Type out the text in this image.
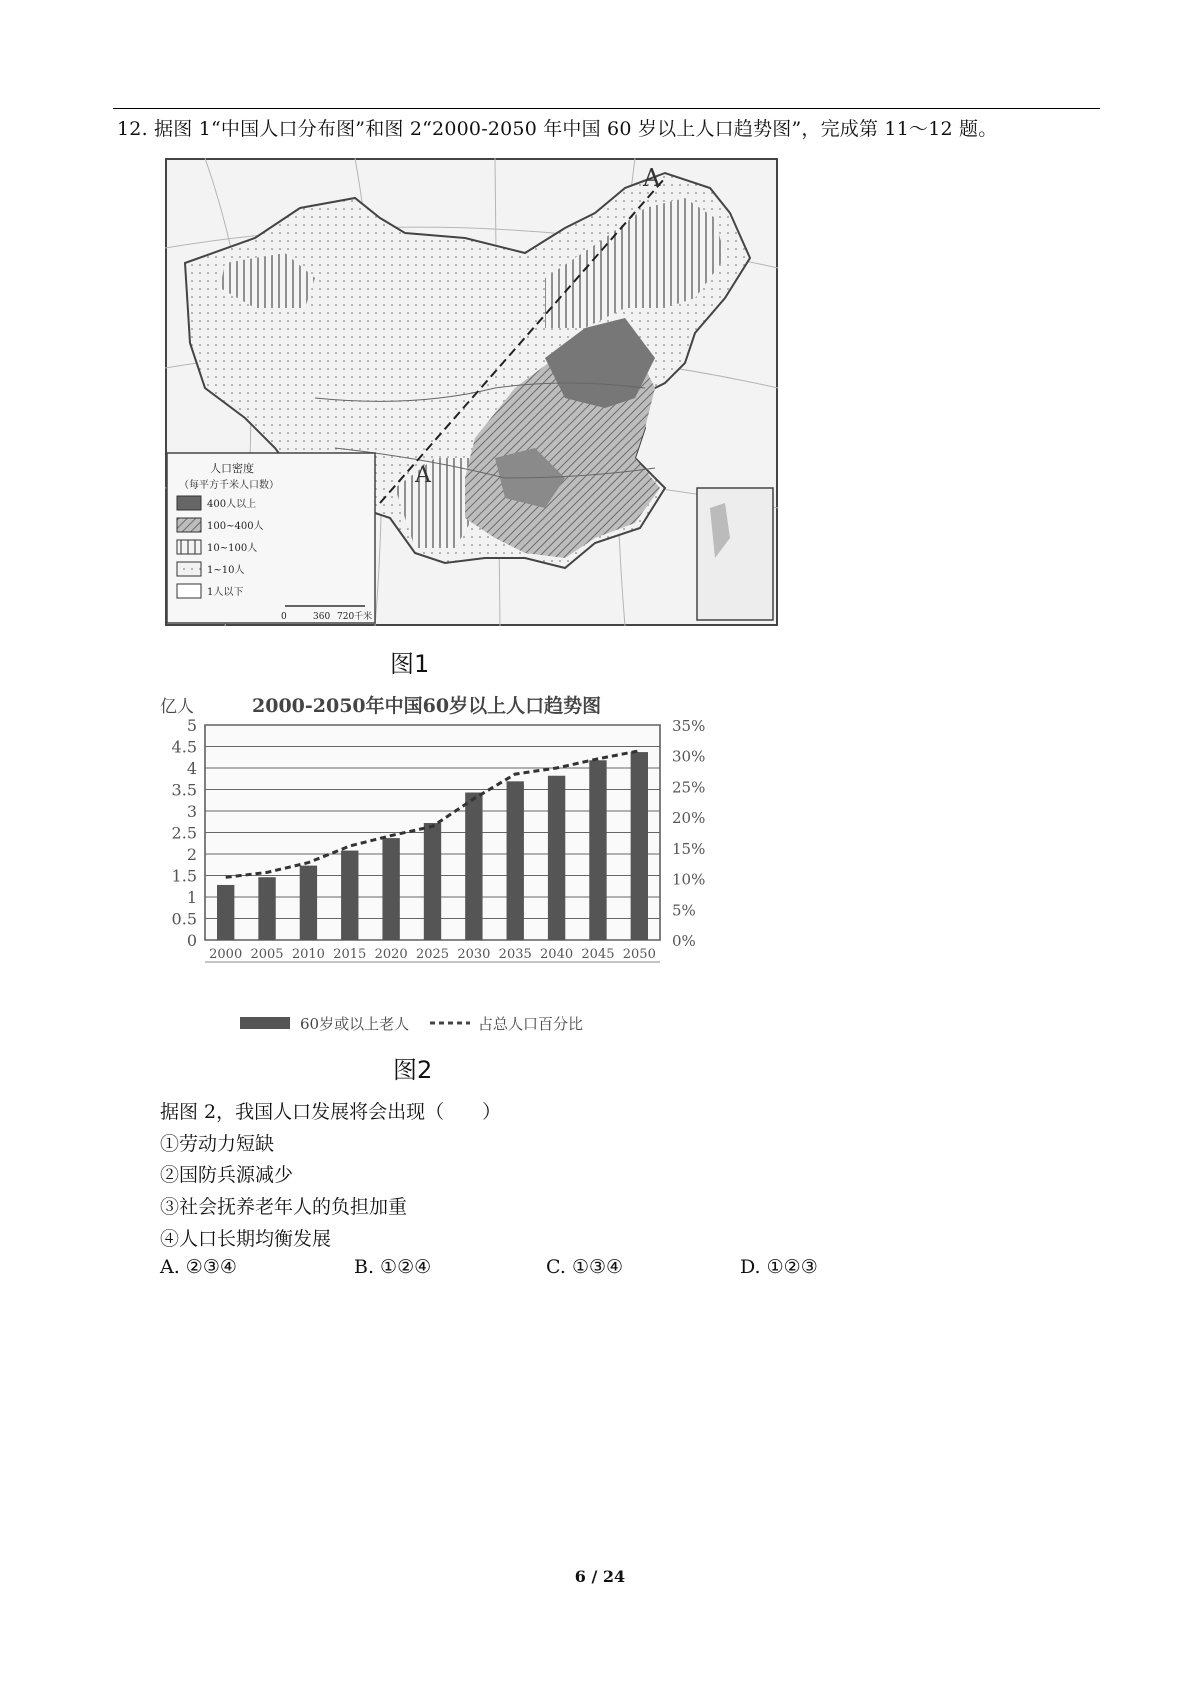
12. 据图 1“中国人口分布图”和图 2“2000-2050 年中国 60 岁以上人口趋势图”，完成第 11～12 题。
A
A
人口密度
（每平方千米人口数）
400人以上
100~400人
10~100人
1~10人
1人以下
0	360 720千米
图1
亿人	2000-2050年中国60岁以上人口趋势图
0
0.5
1
1.5
2
2.5
3
3.5
4
4.5
5
0%
5%
10%
15%
20%
25%
30%
35%
2000 2005 2010 2015 2020 2025 2030 2035 2040 2045 2050
60岁或以上老人	占总人口百分比
图2
据图 2，我国人口发展将会出现（　　）
①劳动力短缺
②国防兵源减少
③社会抚养老年人的负担加重
④人口长期均衡发展
A. ②③④	B. ①②④	C. ①③④	D. ①②③
6 / 24
